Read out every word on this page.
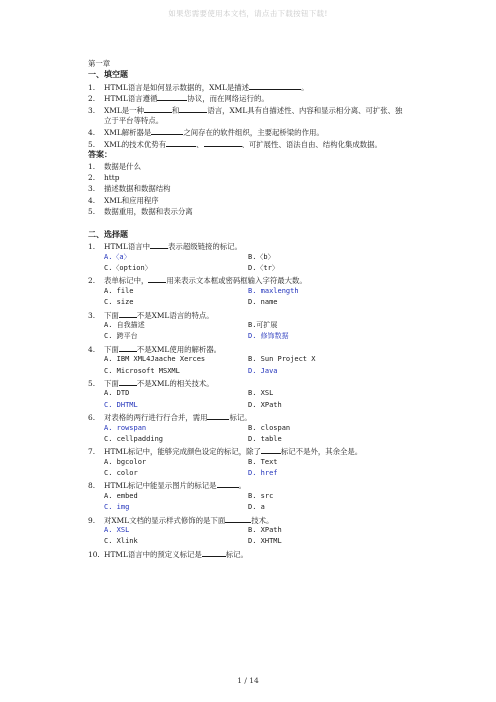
如果您需要使用本文档，请点击下载按钮下载!
第一章
一、填空题
1. HTML语言是如何显示数据的，XML是描述	。
2. HTML语言遵循	协议，而在网络运行的。
3. XML是一种	和	语言，XML具有自描述性、内容和显示相分离、可扩张、独
立于平台等特点。
4. XML解析器是	之间存在的软件组织，主要起桥梁的作用。
5. XML的技术优势有	、	、可扩展性、语法自由、结构化集成数据。
答案：
1. 数据是什么
2. http
3. 描述数据和数据结构
4. XML和应用程序
5. 数据重用，数据和表示分离
二、选择题
1. HTML语言中 表示超级链接的标记。
A.〈a〉	B.〈b〉
C.〈option〉	D.〈tr〉
2. 表单标记中， 用来表示文本框或密码框输入字符最大数。
A. file	B. maxlength
C. size	D. name
3. 下面 不是XML语言的特点。
A. 自我描述	B.可扩展
C. 跨平台	D. 修饰数据
4. 下面 不是XML使用的解析器。
A. IBM XML4Jaache Xerces	B. Sun Project X
C. Microsoft MSXML	D. Java
5. 下面 不是XML的相关技术。
A. DTD	B. XSL
C. DHTML	D. XPath
6. 对表格的两行进行行合并，需用	标记。
A. rowspan	B. clospan
C. cellpadding	D. table
7. HTML标记中，能够完成颜色设定的标记，除了	标记不是外，其余全是。
A. bgcolor	B. Text
C. color	D. href
8. HTML标记中能显示图片的标记是	。
A. embed	B. src
C. img	D. a
9. 对XML文档的显示样式修饰的是下面	技术。
A. XSL	B. XPath
C. Xlink	D. XHTML
10. HTML语言中的预定义标记是	标记。
1 / 14
